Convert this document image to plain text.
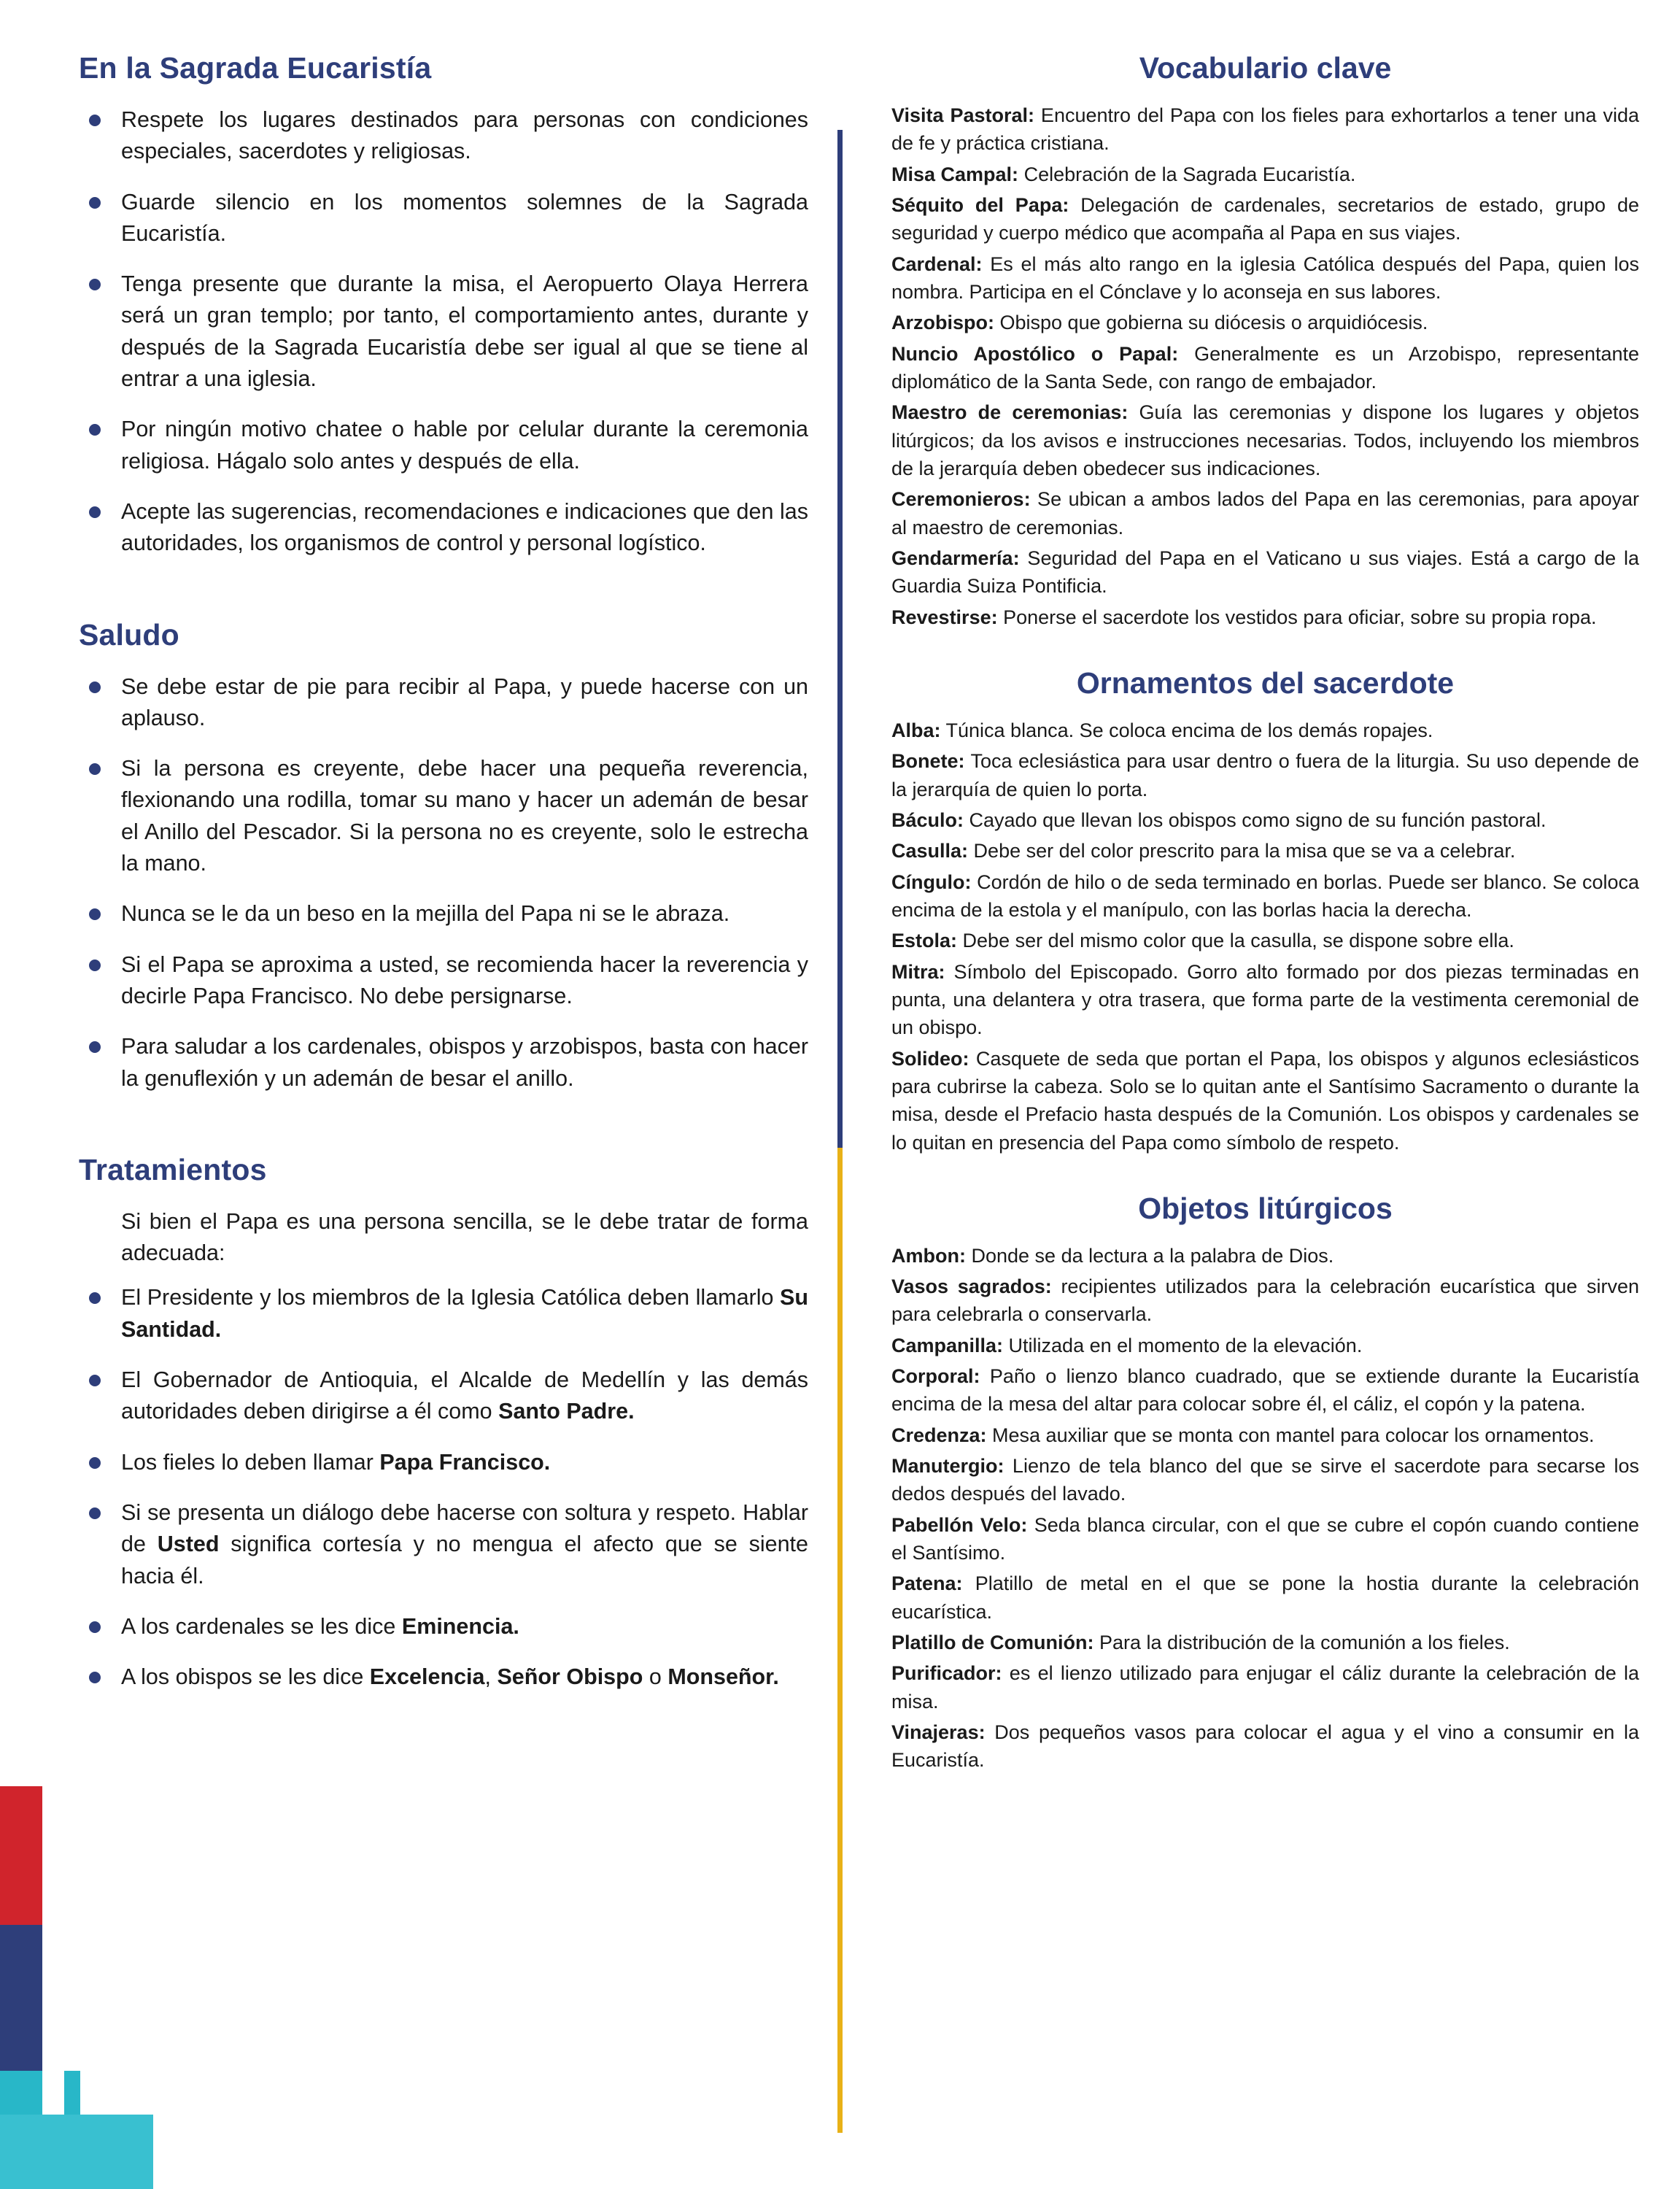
En la Sagrada Eucaristía
Respete los lugares destinados para personas con condiciones especiales, sacerdotes y religiosas.
Guarde silencio en los momentos solemnes de la Sagrada Eucaristía.
Tenga presente que durante la misa, el Aeropuerto Olaya Herrera será un gran templo; por tanto, el comportamiento antes, durante y después de la Sagrada Eucaristía debe ser igual al que se tiene al entrar a una iglesia.
Por ningún motivo chatee o hable por celular durante la ceremonia religiosa. Hágalo solo antes y después de ella.
Acepte las sugerencias, recomendaciones e indicaciones que den las autoridades, los organismos de control y personal logístico.
Saludo
Se debe estar de pie para recibir al Papa, y puede hacerse con un aplauso.
Si la persona es creyente, debe hacer una pequeña reverencia, flexionando una rodilla, tomar su mano y hacer un ademán de besar el Anillo del Pescador. Si la persona no es creyente, solo le estrecha la mano.
Nunca se le da un beso en la mejilla del Papa ni se le abraza.
Si el Papa se aproxima a usted, se recomienda hacer la reverencia y decirle Papa Francisco. No debe persignarse.
Para saludar a los cardenales, obispos y arzobispos, basta con hacer la genuflexión y un ademán de besar el anillo.
Tratamientos
Si bien el Papa es una persona sencilla, se le debe tratar de forma adecuada:
El Presidente y los miembros de la Iglesia Católica deben llamarlo Su Santidad.
El Gobernador de Antioquia, el Alcalde de Medellín y las demás autoridades deben dirigirse a él como Santo Padre.
Los fieles lo deben llamar Papa Francisco.
Si se presenta un diálogo debe hacerse con soltura y respeto. Hablar de Usted significa cortesía y no mengua el afecto que se siente hacia él.
A los cardenales se les dice Eminencia.
A los obispos se les dice Excelencia, Señor Obispo o Monseñor.
Vocabulario clave

Visita Pastoral: Encuentro del Papa con los fieles para exhortarlos a tener una vida de fe y práctica cristiana.

Misa Campal: Celebración de la Sagrada Eucaristía.

Séquito del Papa: Delegación de cardenales, secretarios de estado, grupo de seguridad y cuerpo médico que acompaña al Papa en sus viajes.

Cardenal: Es el más alto rango en la iglesia Católica después del Papa, quien los nombra. Participa en el Cónclave y lo aconseja en sus labores.

Arzobispo: Obispo que gobierna su diócesis o arquidiócesis.

Nuncio Apostólico o Papal: Generalmente es un Arzobispo, representante diplomático de la Santa Sede, con rango de embajador.

Maestro de ceremonias: Guía las ceremonias y dispone los lugares y objetos litúrgicos; da los avisos e instrucciones necesarias. Todos, incluyendo los miembros de la jerarquía deben obedecer sus indicaciones.

Ceremonieros: Se ubican a ambos lados del Papa en las ceremonias, para apoyar al maestro de ceremonias.

Gendarmería: Seguridad del Papa en el Vaticano u sus viajes. Está a cargo de la Guardia Suiza Pontificia.

Revestirse: Ponerse el sacerdote los vestidos para oficiar, sobre su propia ropa.

Ornamentos del sacerdote

Alba: Túnica blanca. Se coloca encima de los demás ropajes.

Bonete: Toca eclesiástica para usar dentro o fuera de la liturgia. Su uso depende de la jerarquía de quien lo porta.

Báculo: Cayado que llevan los obispos como signo de su función pastoral.

Casulla: Debe ser del color prescrito para la misa que se va a celebrar.

Cíngulo: Cordón de hilo o de seda terminado en borlas. Puede ser blanco. Se coloca encima de la estola y el manípulo, con las borlas hacia la derecha.

Estola: Debe ser del mismo color que la casulla, se dispone sobre ella.

Mitra: Símbolo del Episcopado. Gorro alto formado por dos piezas terminadas en punta, una delantera y otra trasera, que forma parte de la vestimenta ceremonial de un obispo.

Solideo: Casquete de seda que portan el Papa, los obispos y algunos eclesiásticos para cubrirse la cabeza. Solo se lo quitan ante el Santísimo Sacramento o durante la misa, desde el Prefacio hasta después de la Comunión. Los obispos y cardenales se lo quitan en presencia del Papa como símbolo de respeto.

Objetos litúrgicos

Ambon: Donde se da lectura a la palabra de Dios.

Vasos sagrados: recipientes utilizados para la celebración eucarística que sirven para celebrarla o conservarla.

Campanilla: Utilizada en el momento de la elevación.

Corporal: Paño o lienzo blanco cuadrado, que se extiende durante la Eucaristía encima de la mesa del altar para colocar sobre él, el cáliz, el copón y la patena.

Credenza: Mesa auxiliar que se monta con mantel para colocar los ornamentos.

Manutergio: Lienzo de tela blanco del que se sirve el sacerdote para secarse los dedos después del lavado.

Pabellón Velo: Seda blanca circular, con el que se cubre el copón cuando contiene el Santísimo.

Patena: Platillo de metal en el que se pone la hostia durante la celebración eucarística.

Platillo de Comunión: Para la distribución de la comunión a los fieles.

Purificador: es el lienzo utilizado para enjugar el cáliz durante la celebración de la misa.

Vinajeras: Dos pequeños vasos para colocar el agua y el vino a consumir en la Eucaristía.
